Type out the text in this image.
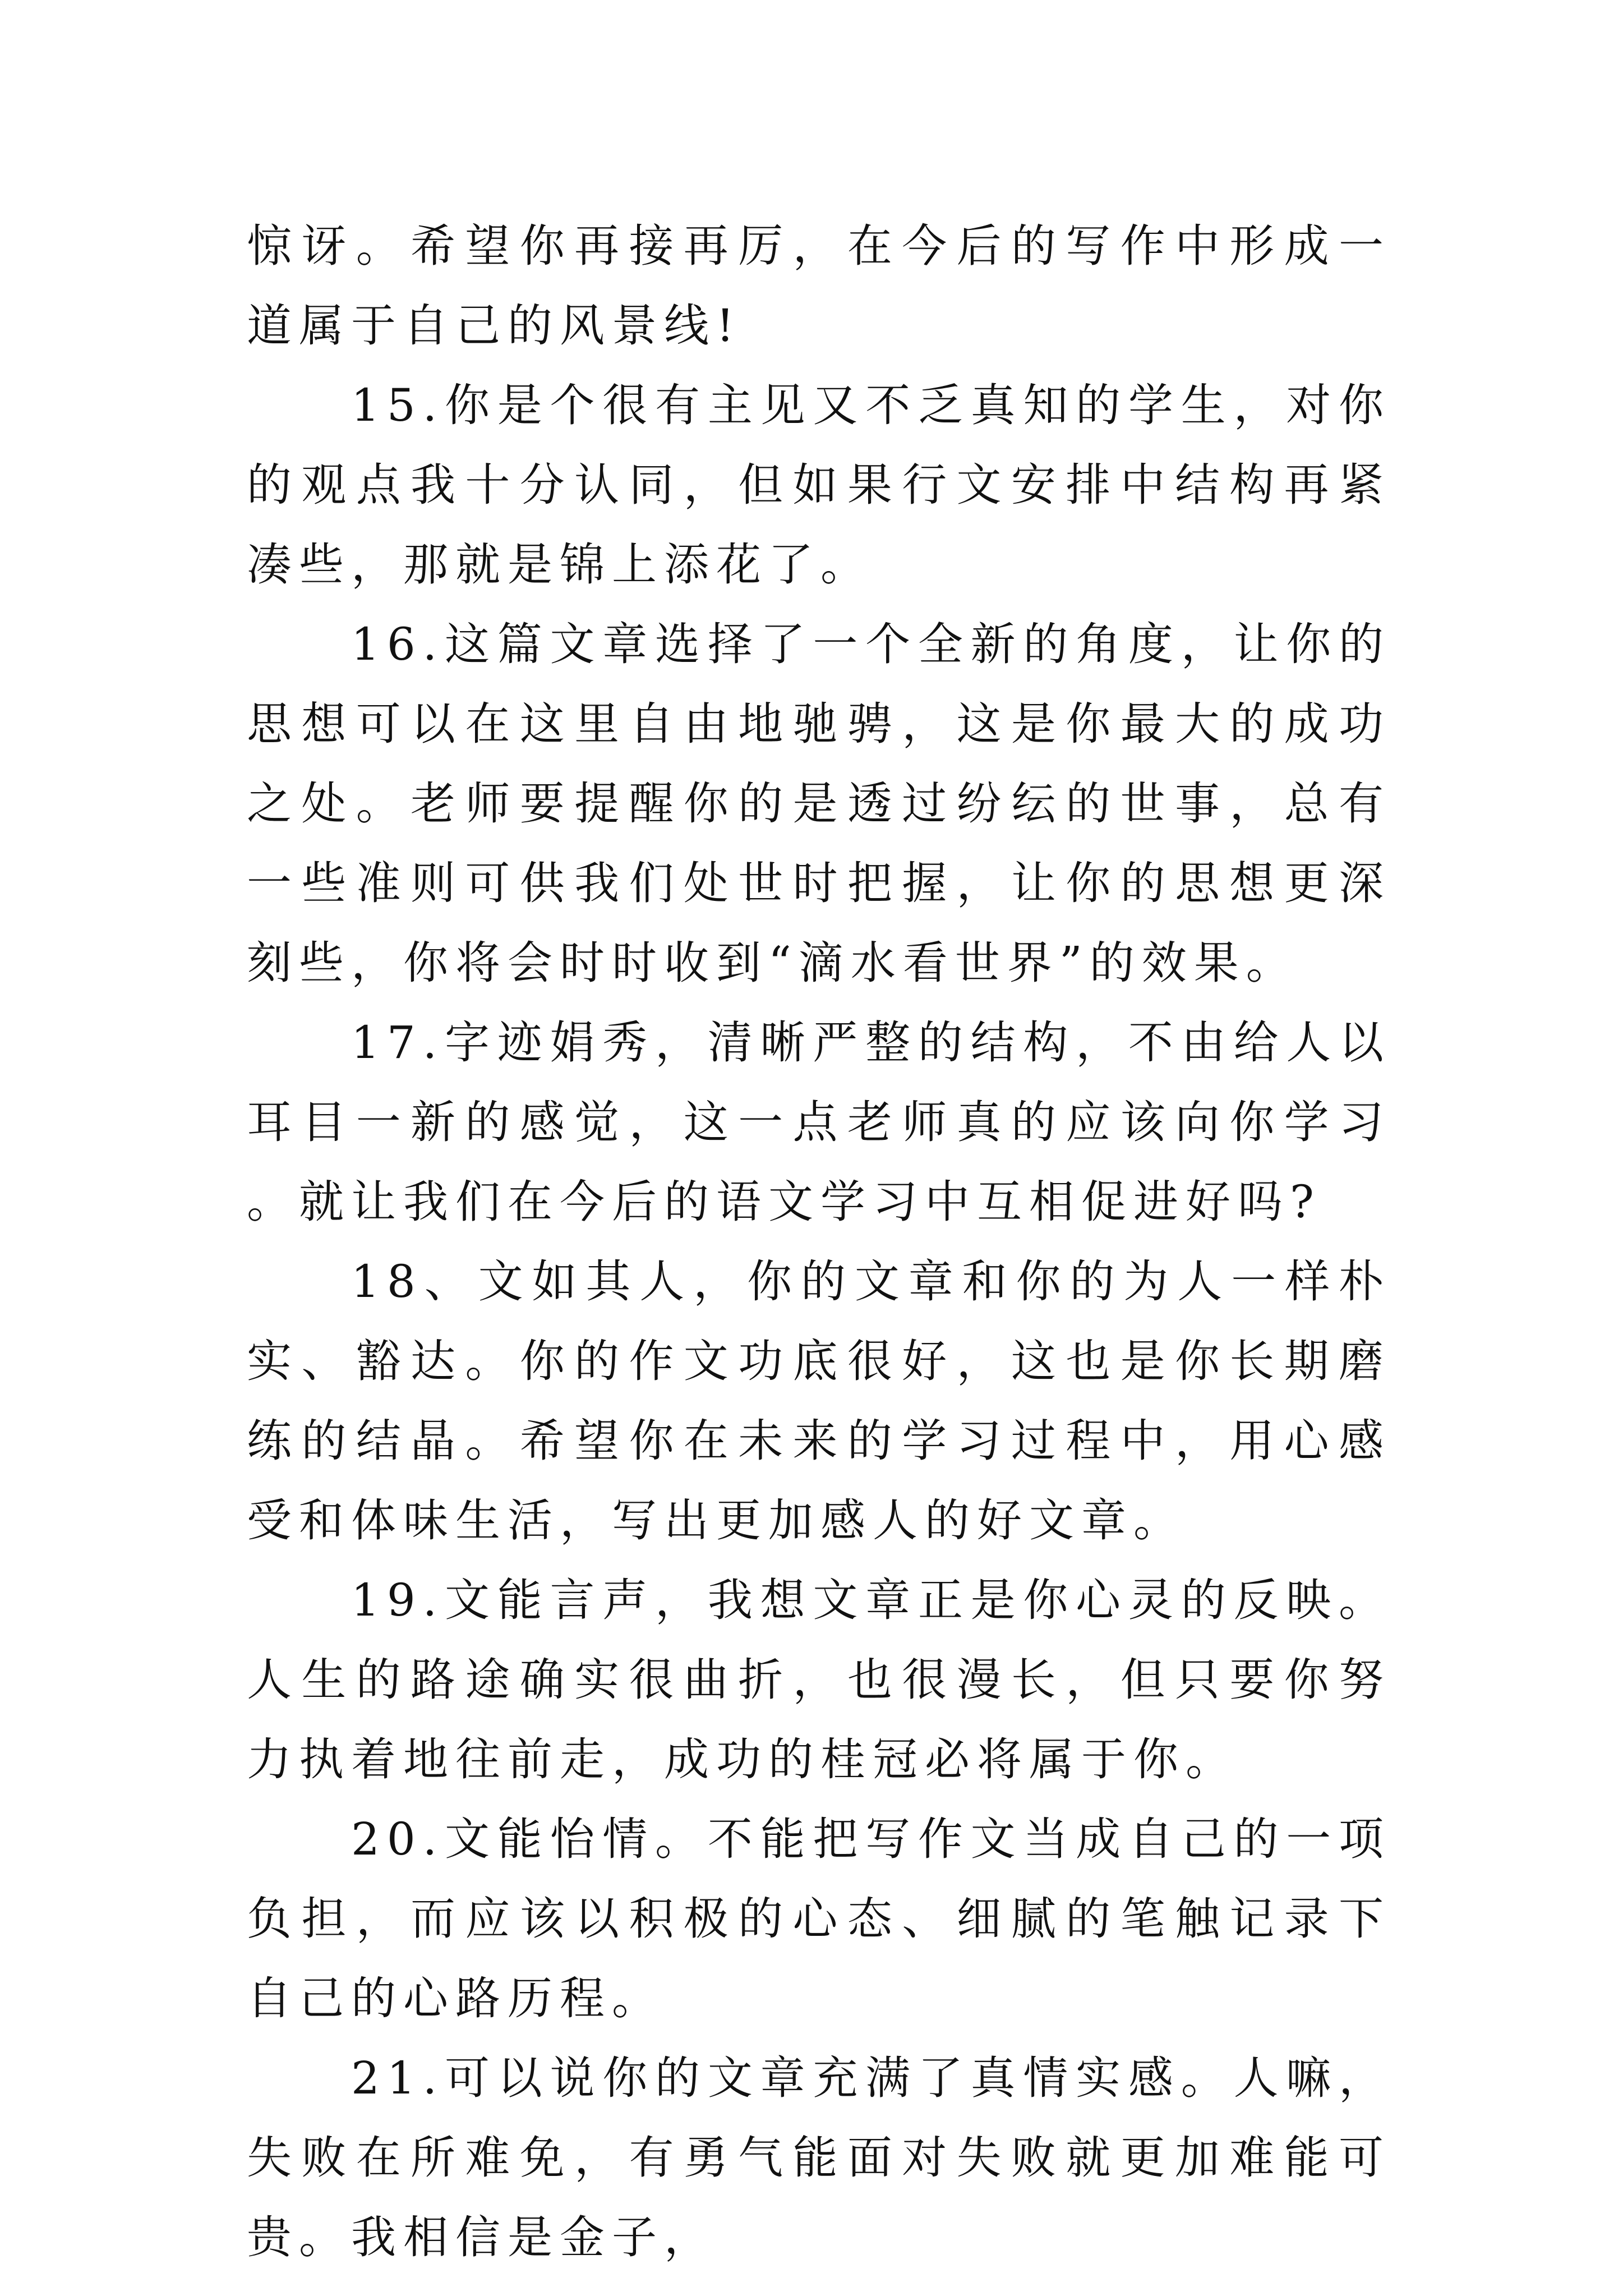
惊讶。希望你再接再厉，在今后的写作中形成一道属于自己的风景线!

15.你是个很有主见又不乏真知的学生，对你的观点我十分认同，但如果行文安排中结构再紧凑些，那就是锦上添花了。

16.这篇文章选择了一个全新的角度，让你的思想可以在这里自由地驰骋，这是你最大的成功之处。老师要提醒你的是透过纷纭的世事，总有一些准则可供我们处世时把握，让你的思想更深刻些，你将会时时收到“滴水看世界”的效果。

17.字迹娟秀，清晰严整的结构，不由给人以耳目一新的感觉，这一点老师真的应该向你学习。就让我们在今后的语文学习中互相促进好吗?

18、文如其人，你的文章和你的为人一样朴实、豁达。你的作文功底很好，这也是你长期磨练的结晶。希望你在未来的学习过程中，用心感受和体味生活，写出更加感人的好文章。

19.文能言声，我想文章正是你心灵的反映。人生的路途确实很曲折，也很漫长，但只要你努力执着地往前走，成功的桂冠必将属于你。

20.文能怡情。不能把写作文当成自己的一项负担，而应该以积极的心态、细腻的笔触记录下自己的心路历程。

21.可以说你的文章充满了真情实感。人嘛，失败在所难免，有勇气能面对失败就更加难能可贵。我相信是金子，
